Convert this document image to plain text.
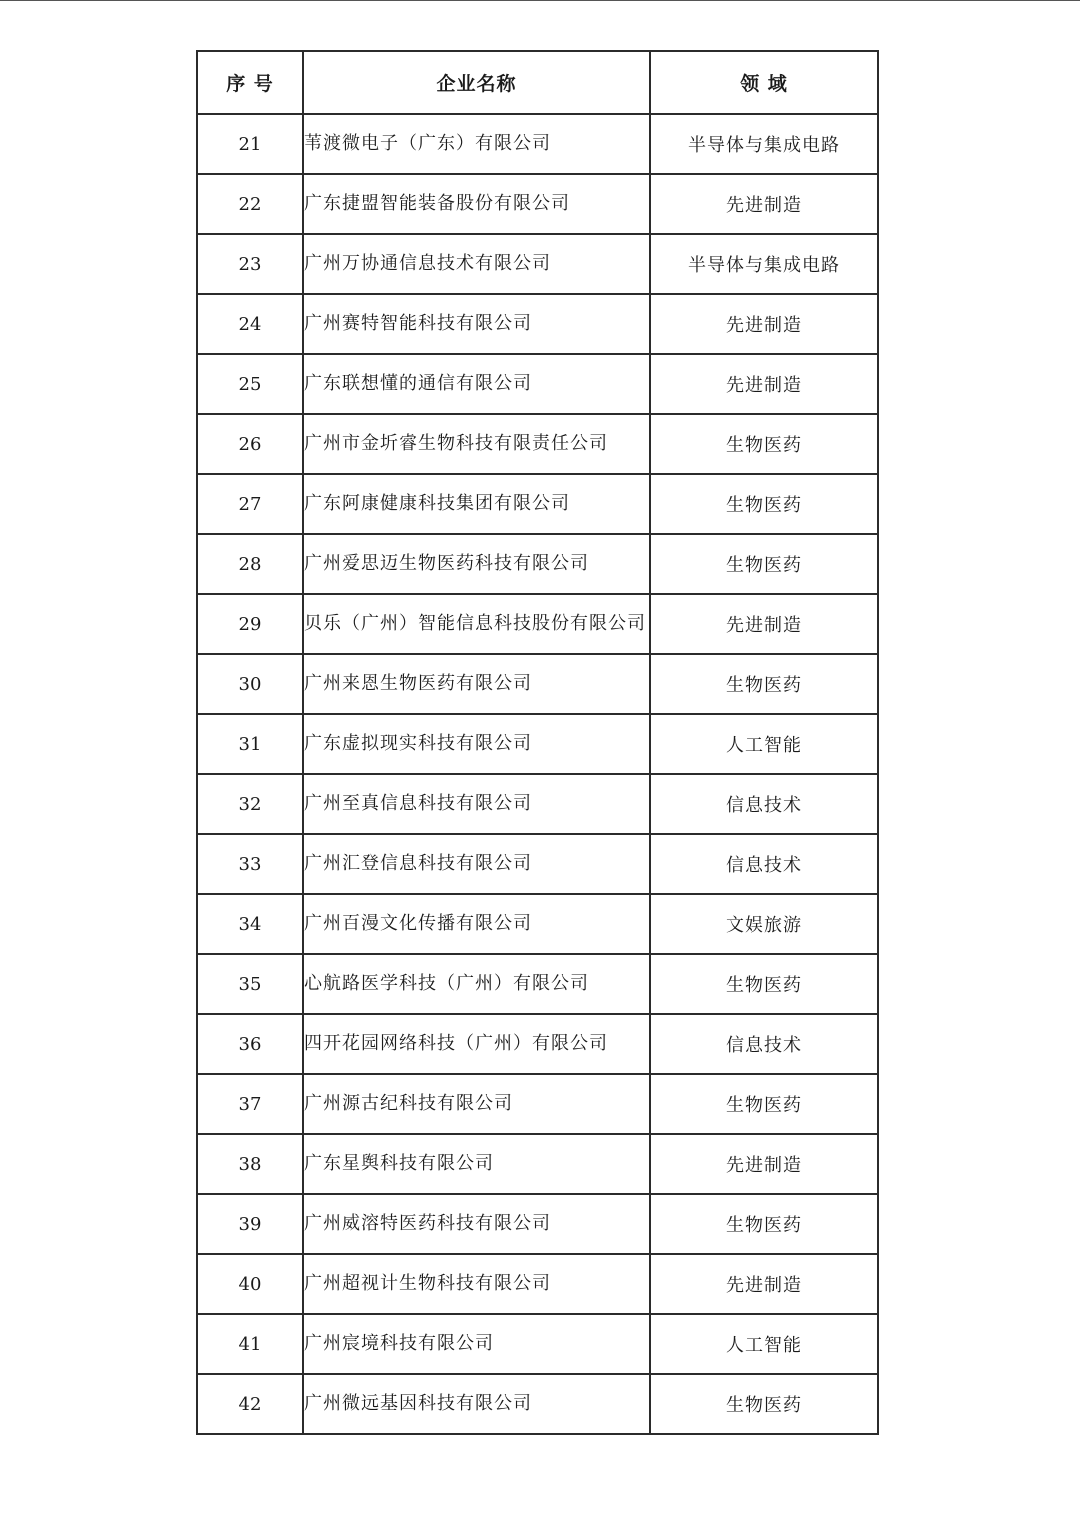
序 号	企业名称	领 域
21	苇渡微电子（广东）有限公司	半导体与集成电路
22	广东捷盟智能装备股份有限公司	先进制造
23	广州万协通信息技术有限公司	半导体与集成电路
24	广州赛特智能科技有限公司	先进制造
25	广东联想懂的通信有限公司	先进制造
26	广州市金圻睿生物科技有限责任公司	生物医药
27	广东阿康健康科技集团有限公司	生物医药
28	广州爱思迈生物医药科技有限公司	生物医药
29	贝乐（广州）智能信息科技股份有限公司	先进制造
30	广州来恩生物医药有限公司	生物医药
31	广东虚拟现实科技有限公司	人工智能
32	广州至真信息科技有限公司	信息技术
33	广州汇登信息科技有限公司	信息技术
34	广州百漫文化传播有限公司	文娱旅游
35	心航路医学科技（广州）有限公司	生物医药
36	四开花园网络科技（广州）有限公司	信息技术
37	广州源古纪科技有限公司	生物医药
38	广东星舆科技有限公司	先进制造
39	广州威溶特医药科技有限公司	生物医药
40	广州超视计生物科技有限公司	先进制造
41	广州宸境科技有限公司	人工智能
42	广州微远基因科技有限公司	生物医药
